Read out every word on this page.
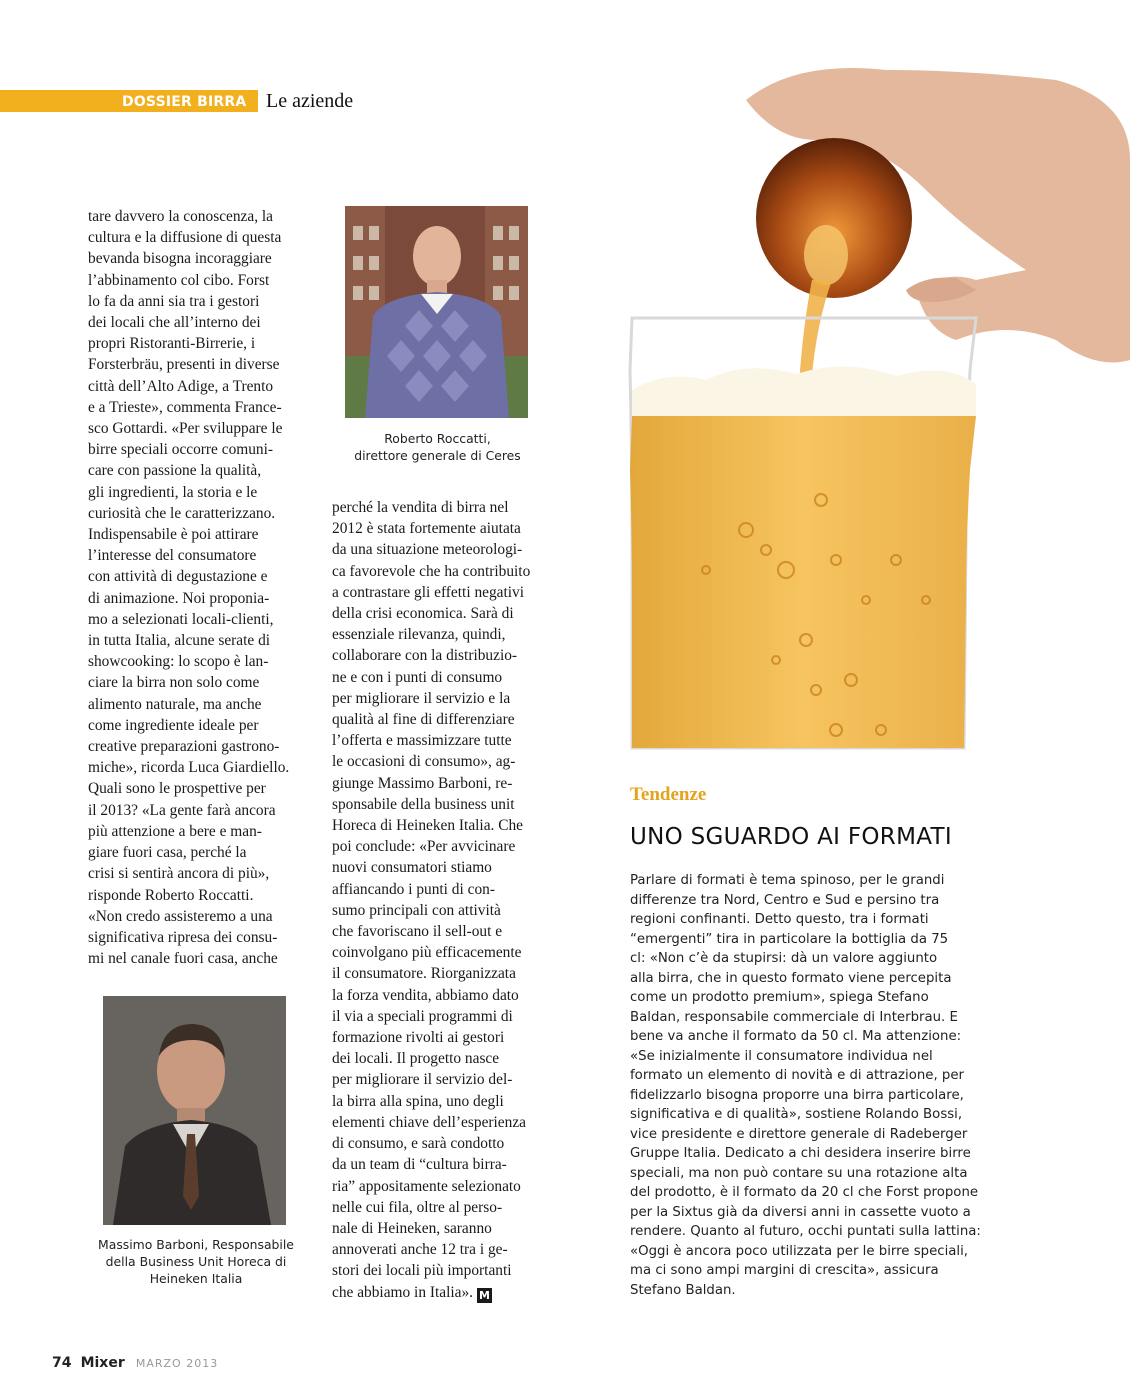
DOSSIER BIRRA Le aziende
tare davvero la conoscenza, la
cultura e la diffusione di questa
bevanda bisogna incoraggiare
l’abbinamento col cibo. Forst
lo fa da anni sia tra i gestori
dei locali che all’interno dei
propri Ristoranti-Birrerie, i
Forsterbräu, presenti in diverse
città dell’Alto Adige, a Trento
e a Trieste», commenta France-
sco Gottardi. «Per sviluppare le
birre speciali occorre comuni-
care con passione la qualità,
gli ingredienti, la storia e le
curiosità che le caratterizzano.
Indispensabile è poi attirare
l’interesse del consumatore
con attività di degustazione e
di animazione. Noi proponia-
mo a selezionati locali-clienti,
in tutta Italia, alcune serate di
showcooking: lo scopo è lan-
ciare la birra non solo come
alimento naturale, ma anche
come ingrediente ideale per
creative preparazioni gastrono-
miche», ricorda Luca Giardiello.
Quali sono le prospettive per
il 2013? «La gente farà ancora
più attenzione a bere e man-
giare fuori casa, perché la
crisi si sentirà ancora di più»,
risponde Roberto Roccatti.
«Non credo assisteremo a una
significativa ripresa dei consu-
mi nel canale fuori casa, anche
Roberto Roccatti,
direttore generale di Ceres
perché la vendita di birra nel
2012 è stata fortemente aiutata
da una situazione meteorologi-
ca favorevole che ha contribuito
a contrastare gli effetti negativi
della crisi economica. Sarà di
essenziale rilevanza, quindi,
collaborare con la distribuzio-
ne e con i punti di consumo
per migliorare il servizio e la
qualità al fine di differenziare
l’offerta e massimizzare tutte
le occasioni di consumo», ag-
giunge Massimo Barboni, re-
sponsabile della business unit
Horeca di Heineken Italia. Che
poi conclude: «Per avvicinare
nuovi consumatori stiamo
affiancando i punti di con-
sumo principali con attività
che favoriscano il sell-out e
coinvolgano più efficacemente
il consumatore. Riorganizzata
la forza vendita, abbiamo dato
il via a speciali programmi di
formazione rivolti ai gestori
dei locali. Il progetto nasce
per migliorare il servizio del-
la birra alla spina, uno degli
elementi chiave dell’esperienza
di consumo, e sarà condotto
da un team di “cultura birra-
ria” appositamente selezionato
nelle cui fila, oltre al perso-
nale di Heineken, saranno
annoverati anche 12 tra i ge-
stori dei locali più importanti
che abbiamo in Italia». M
Massimo Barboni, Responsabile
della Business Unit Horeca di
Heineken Italia
Tendenze
UNO SGUARDO AI FORMATI
Parlare di formati è tema spinoso, per le grandi
differenze tra Nord, Centro e Sud e persino tra
regioni confinanti. Detto questo, tra i formati
“emergenti” tira in particolare la bottiglia da 75
cl: «Non c’è da stupirsi: dà un valore aggiunto
alla birra, che in questo formato viene percepita
come un prodotto premium», spiega Stefano
Baldan, responsabile commerciale di Interbrau. E
bene va anche il formato da 50 cl. Ma attenzione:
«Se inizialmente il consumatore individua nel
formato un elemento di novità e di attrazione, per
fidelizzarlo bisogna proporre una birra particolare,
significativa e di qualità», sostiene Rolando Bossi,
vice presidente e direttore generale di Radeberger
Gruppe Italia. Dedicato a chi desidera inserire birre
speciali, ma non può contare su una rotazione alta
del prodotto, è il formato da 20 cl che Forst propone
per la Sixtus già da diversi anni in cassette vuoto a
rendere. Quanto al futuro, occhi puntati sulla lattina:
«Oggi è ancora poco utilizzata per le birre speciali,
ma ci sono ampi margini di crescita», assicura
Stefano Baldan.
74 Mixer MARZO 2013
